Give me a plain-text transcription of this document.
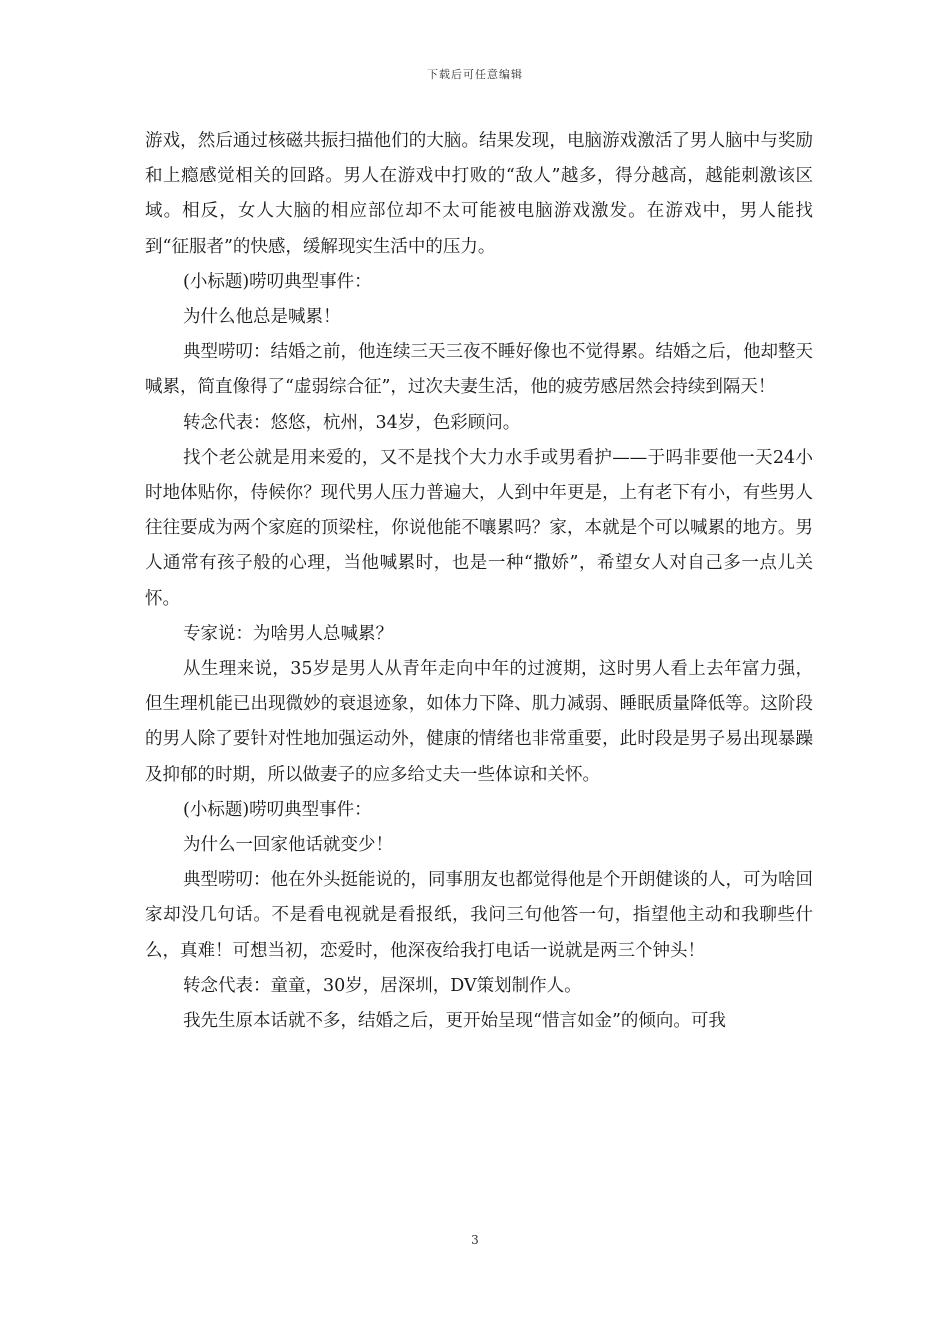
下载后可任意编辑

游戏，然后通过核磁共振扫描他们的大脑。结果发现，电脑游戏激活了男人脑中与奖励和上瘾感觉相关的回路。男人在游戏中打败的“敌人”越多，得分越高，越能刺激该区域。相反，女人大脑的相应部位却不太可能被电脑游戏激发。在游戏中，男人能找到“征服者”的快感，缓解现实生活中的压力。

(小标题)唠叨典型事件：

为什么他总是喊累！

典型唠叨：结婚之前，他连续三天三夜不睡好像也不觉得累。结婚之后，他却整天喊累，简直像得了“虚弱综合征”，过次夫妻生活，他的疲劳感居然会持续到隔天！

转念代表：悠悠，杭州，34岁，色彩顾问。

找个老公就是用来爱的，又不是找个大力水手或男看护——于吗非要他一天24小时地体贴你，侍候你？现代男人压力普遍大，人到中年更是，上有老下有小，有些男人往往要成为两个家庭的顶梁柱，你说他能不嚷累吗？家，本就是个可以喊累的地方。男人通常有孩子般的心理，当他喊累时，也是一种“撒娇”，希望女人对自己多一点儿关怀。

专家说：为啥男人总喊累？

从生理来说，35岁是男人从青年走向中年的过渡期，这时男人看上去年富力强，但生理机能已出现微妙的衰退迹象，如体力下降、肌力减弱、睡眠质量降低等。这阶段的男人除了要针对性地加强运动外，健康的情绪也非常重要，此时段是男子易出现暴躁及抑郁的时期，所以做妻子的应多给丈夫一些体谅和关怀。

(小标题)唠叨典型事件：

为什么一回家他话就变少！

典型唠叨：他在外头挺能说的，同事朋友也都觉得他是个开朗健谈的人，可为啥回家却没几句话。不是看电视就是看报纸，我问三句他答一句，指望他主动和我聊些什么，真难！可想当初，恋爱时，他深夜给我打电话一说就是两三个钟头！

转念代表：童童，30岁，居深圳，DV策划制作人。

我先生原本话就不多，结婚之后，更开始呈现“惜言如金”的倾向。可我

3
